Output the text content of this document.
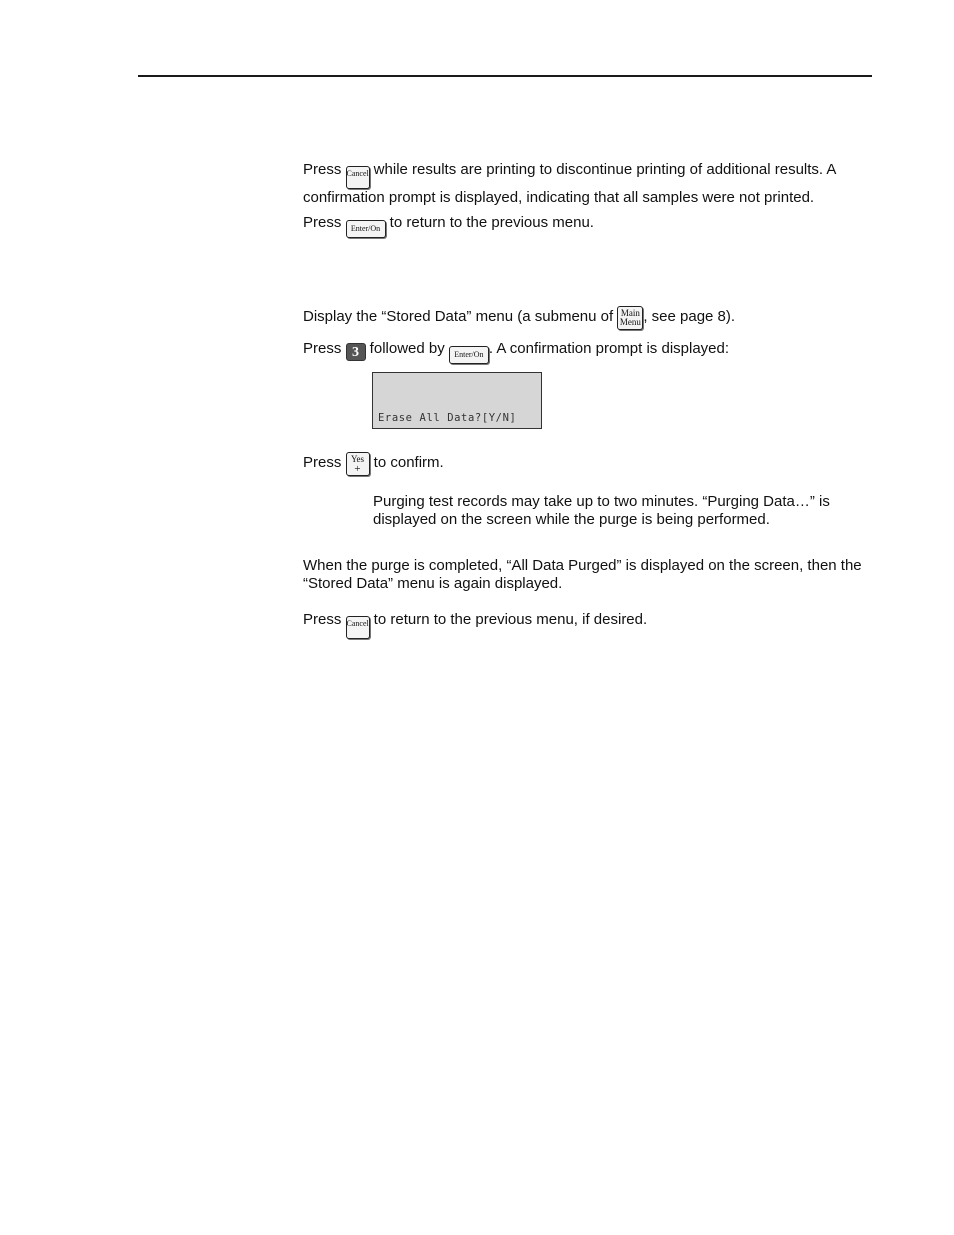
Press Cancel while results are printing to discontinue printing of additional results. A confirmation prompt is displayed, indicating that all samples were not printed.

Press Enter/On to return to the previous menu.

Display the “Stored Data” menu (a submenu of Main
Menu , see page 8).

Press 3 followed by Enter/On . A confirmation prompt is displayed:

Erase All Data?[Y/N]

Press Yes
+ to confirm.

Purging test records may take up to two minutes. “Purging Data…” is displayed on the screen while the purge is being performed.

When the purge is completed, “All Data Purged” is displayed on the screen, then the “Stored Data” menu is again displayed.

Press Cancel to return to the previous menu, if desired.
